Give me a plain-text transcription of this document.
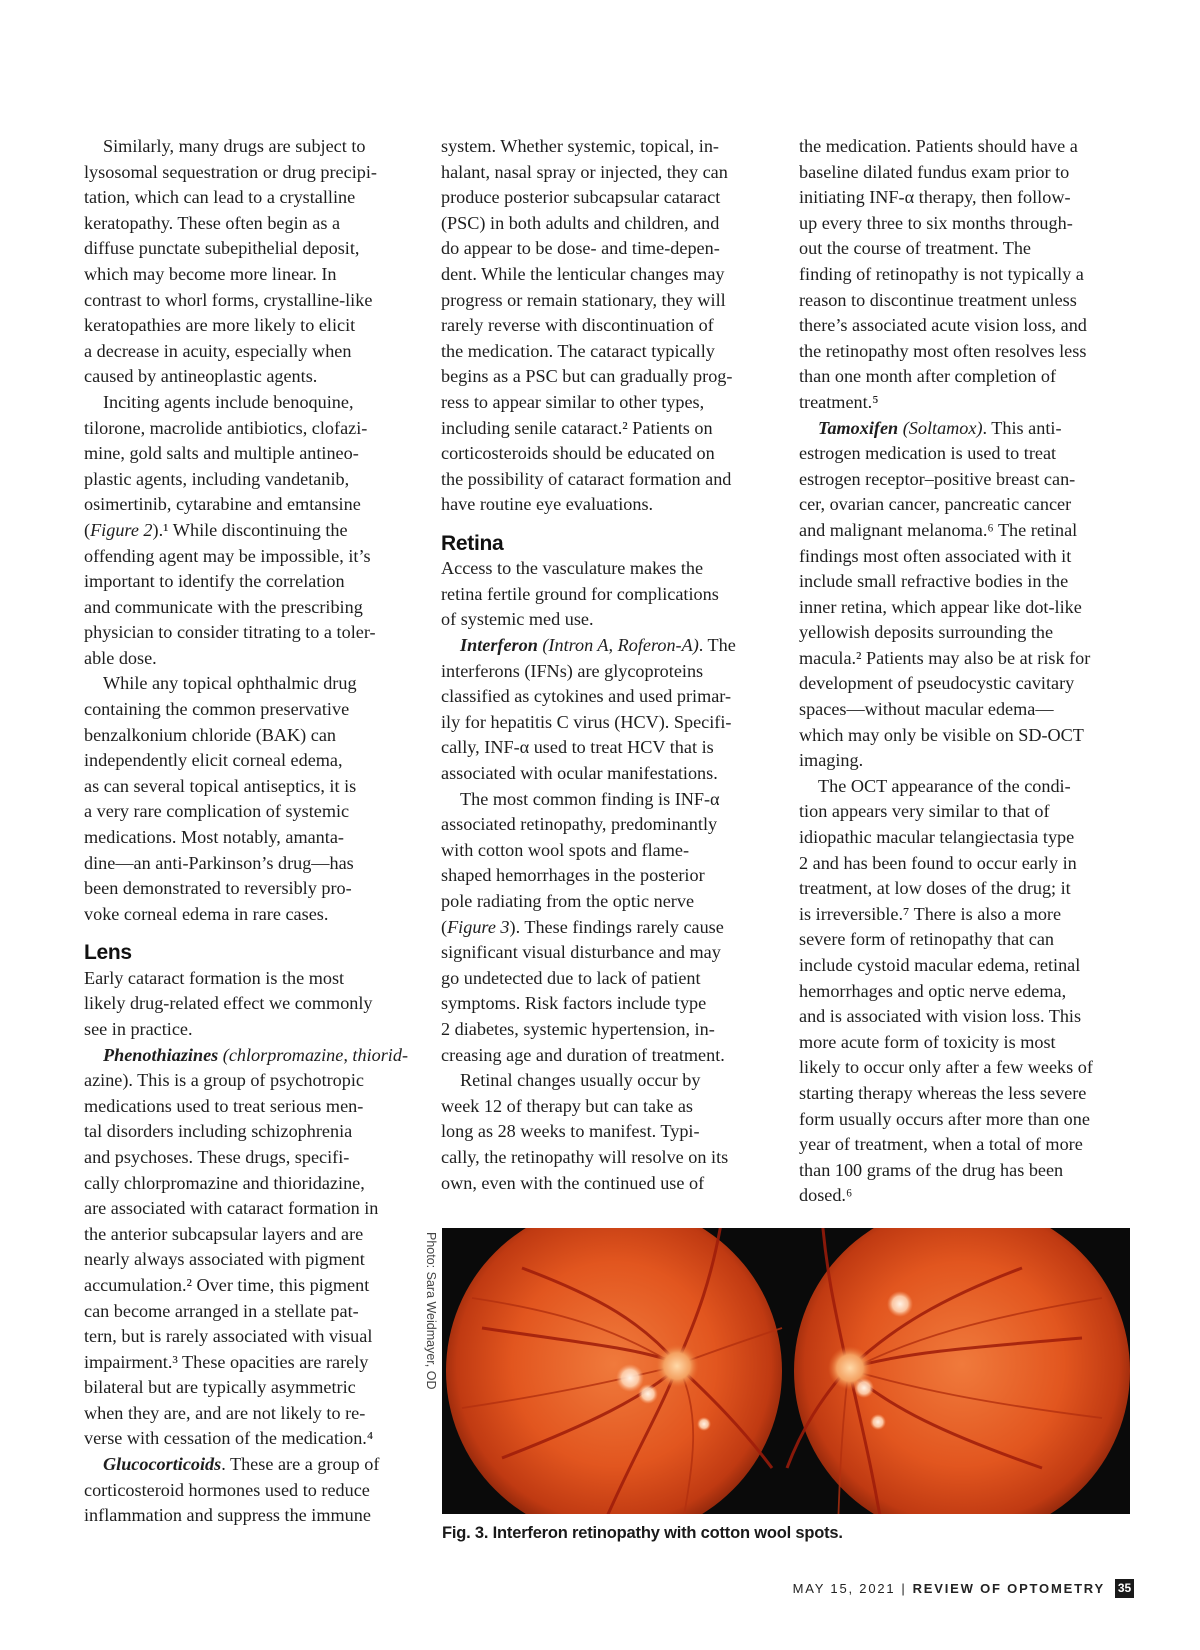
Similarly, many drugs are subject to
lysosomal sequestration or drug precipi-
tation, which can lead to a crystalline
keratopathy. These often begin as a
diffuse punctate subepithelial deposit,
which may become more linear. In
contrast to whorl forms, crystalline-like
keratopathies are more likely to elicit
a decrease in acuity, especially when
caused by antineoplastic agents.
Inciting agents include benoquine,
tilorone, macrolide antibiotics, clofazi-
mine, gold salts and multiple antineo-
plastic agents, including vandetanib,
osimertinib, cytarabine and emtansine
(Figure 2).¹ While discontinuing the
offending agent may be impossible, it’s
important to identify the correlation
and communicate with the prescribing
physician to consider titrating to a toler-
able dose.
While any topical ophthalmic drug
containing the common preservative
benzalkonium chloride (BAK) can
independently elicit corneal edema,
as can several topical antiseptics, it is
a very rare complication of systemic
medications. Most notably, amanta-
dine—an anti-Parkinson’s drug—has
been demonstrated to reversibly pro-
voke corneal edema in rare cases.
Lens
Early cataract formation is the most
likely drug-related effect we commonly
see in practice.
Phenothiazines (chlorpromazine, thiorid-
azine). This is a group of psychotropic
medications used to treat serious men-
tal disorders including schizophrenia
and psychoses. These drugs, specifi-
cally chlorpromazine and thioridazine,
are associated with cataract formation in
the anterior subcapsular layers and are
nearly always associated with pigment
accumulation.² Over time, this pigment
can become arranged in a stellate pat-
tern, but is rarely associated with visual
impairment.³ These opacities are rarely
bilateral but are typically asymmetric
when they are, and are not likely to re-
verse with cessation of the medication.⁴
Glucocorticoids. These are a group of
corticosteroid hormones used to reduce
inflammation and suppress the immune
system. Whether systemic, topical, in-
halant, nasal spray or injected, they can
produce posterior subcapsular cataract
(PSC) in both adults and children, and
do appear to be dose- and time-depen-
dent. While the lenticular changes may
progress or remain stationary, they will
rarely reverse with discontinuation of
the medication. The cataract typically
begins as a PSC but can gradually prog-
ress to appear similar to other types,
including senile cataract.² Patients on
corticosteroids should be educated on
the possibility of cataract formation and
have routine eye evaluations.
Retina
Access to the vasculature makes the
retina fertile ground for complications
of systemic med use.
Interferon (Intron A, Roferon-A). The
interferons (IFNs) are glycoproteins
classified as cytokines and used primar-
ily for hepatitis C virus (HCV). Specifi-
cally, INF-α used to treat HCV that is
associated with ocular manifestations.
The most common finding is INF-α
associated retinopathy, predominantly
with cotton wool spots and flame-
shaped hemorrhages in the posterior
pole radiating from the optic nerve
(Figure 3). These findings rarely cause
significant visual disturbance and may
go undetected due to lack of patient
symptoms. Risk factors include type
2 diabetes, systemic hypertension, in-
creasing age and duration of treatment.
Retinal changes usually occur by
week 12 of therapy but can take as
long as 28 weeks to manifest. Typi-
cally, the retinopathy will resolve on its
own, even with the continued use of
the medication. Patients should have a
baseline dilated fundus exam prior to
initiating INF-α therapy, then follow-
up every three to six months through-
out the course of treatment. The
finding of retinopathy is not typically a
reason to discontinue treatment unless
there’s associated acute vision loss, and
the retinopathy most often resolves less
than one month after completion of
treatment.⁵
Tamoxifen (Soltamox). This anti-
estrogen medication is used to treat
estrogen receptor–positive breast can-
cer, ovarian cancer, pancreatic cancer
and malignant melanoma.⁶ The retinal
findings most often associated with it
include small refractive bodies in the
inner retina, which appear like dot-like
yellowish deposits surrounding the
macula.² Patients may also be at risk for
development of pseudocystic cavitary
spaces—without macular edema—
which may only be visible on SD-OCT
imaging.
The OCT appearance of the condi-
tion appears very similar to that of
idiopathic macular telangiectasia type
2 and has been found to occur early in
treatment, at low doses of the drug; it
is irreversible.⁷ There is also a more
severe form of retinopathy that can
include cystoid macular edema, retinal
hemorrhages and optic nerve edema,
and is associated with vision loss. This
more acute form of toxicity is most
likely to occur only after a few weeks of
starting therapy whereas the less severe
form usually occurs after more than one
year of treatment, when a total of more
than 100 grams of the drug has been
dosed.⁶
Photo: Sara Weidmayer, OD
Fig. 3. Interferon retinopathy with cotton wool spots.
MAY 15, 2021 | REVIEW OF OPTOMETRY 35
